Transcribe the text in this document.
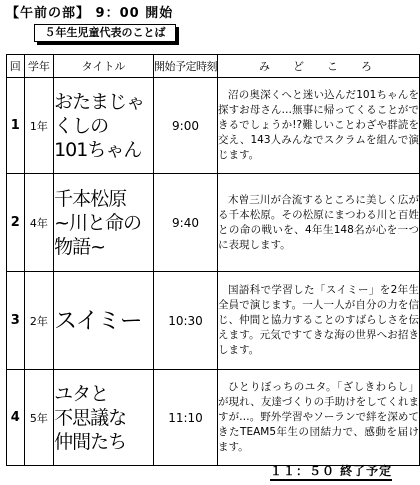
【午前の部】 9：00 開始
５年生児童代表のことば
回	学年	タイトル	開始予定時刻	み　ど　こ　ろ
1	1年	おたまじゃ
くしの
101ちゃん	9:00	沼の奥深くへと迷い込んだ101ちゃんを探すお母さん…無事に帰ってくることができるでしょうか!?難しいことわざや群読を交え、143人みんなでスクラムを組んで演じます。
2	4年	千本松原
~川と命の
物語~	9:40	木曽三川が合流するところに美しく広がる千本松原。その松原にまつわる川と百姓との命の戦いを、4年生148名が心を一つに表現します。
3	2年	スイミー	10:30	国語科で学習した「スイミー」を2年生全員で演じます。一人一人が自分の力を信じ、仲間と協力することのすばらしさを伝えます。元気ですてきな海の世界へお招きします。
4	5年	ユタと
不思議な
仲間たち	11:10	ひとりぼっちのユタ。「ざしきわらし」が現れ、友達づくりの手助けをしてくれますが…。野外学習やソーランで絆を深めてきたTEAM5年生の団結力で、感動を届けます。
１１：５０ 終了予定
